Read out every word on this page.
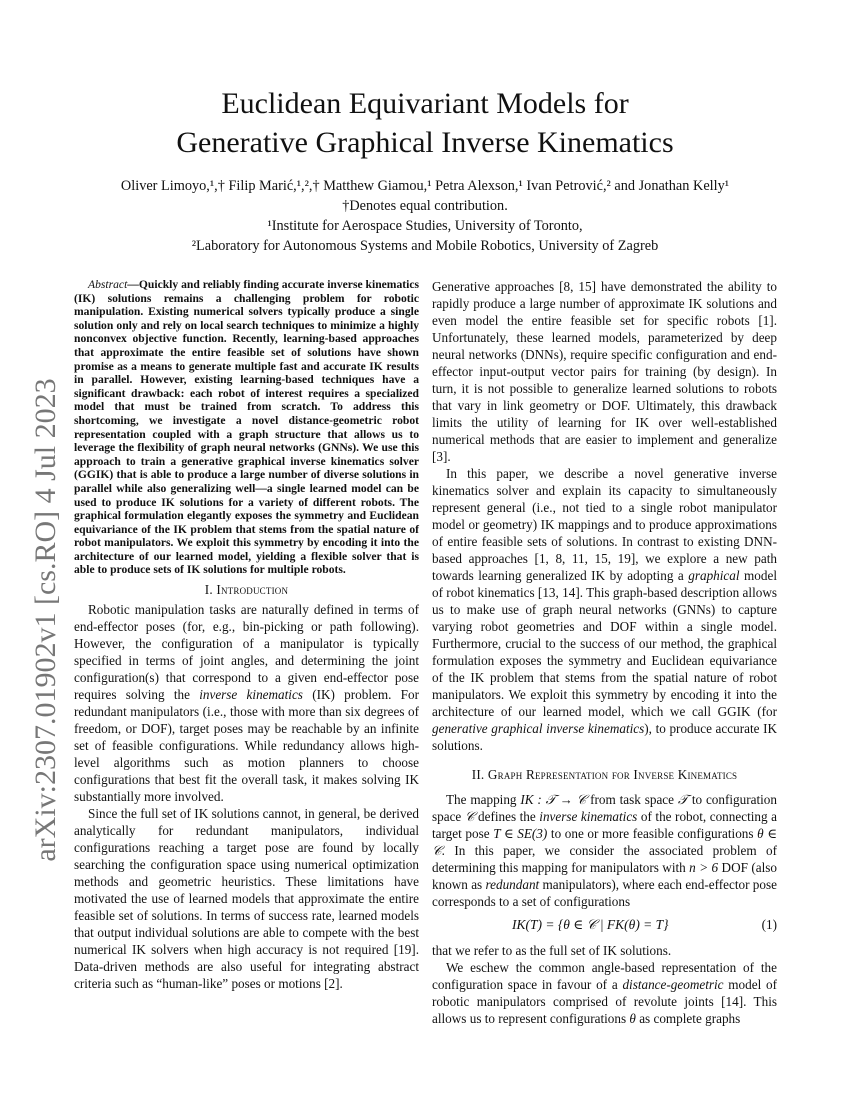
arXiv:2307.01902v1 [cs.RO] 4 Jul 2023
Euclidean Equivariant Models for
Generative Graphical Inverse Kinematics
Oliver Limoyo,¹,† Filip Marić,¹,²,† Matthew Giamou,¹ Petra Alexson,¹ Ivan Petrović,² and Jonathan Kelly¹
†Denotes equal contribution.
¹Institute for Aerospace Studies, University of Toronto,
²Laboratory for Autonomous Systems and Mobile Robotics, University of Zagreb

Abstract—Quickly and reliably finding accurate inverse kinematics (IK) solutions remains a challenging problem for robotic manipulation. Existing numerical solvers typically produce a single solution only and rely on local search techniques to minimize a highly nonconvex objective function. Recently, learning-based approaches that approximate the entire feasible set of solutions have shown promise as a means to generate multiple fast and accurate IK results in parallel. However, existing learning-based techniques have a significant drawback: each robot of interest requires a specialized model that must be trained from scratch. To address this shortcoming, we investigate a novel distance-geometric robot representation coupled with a graph structure that allows us to leverage the flexibility of graph neural networks (GNNs). We use this approach to train a generative graphical inverse kinematics solver (GGIK) that is able to produce a large number of diverse solutions in parallel while also generalizing well—a single learned model can be used to produce IK solutions for a variety of different robots. The graphical formulation elegantly exposes the symmetry and Euclidean equivariance of the IK problem that stems from the spatial nature of robot manipulators. We exploit this symmetry by encoding it into the architecture of our learned model, yielding a flexible solver that is able to produce sets of IK solutions for multiple robots.

I. Introduction

Robotic manipulation tasks are naturally defined in terms of end-effector poses (for, e.g., bin-picking or path following). However, the configuration of a manipulator is typically specified in terms of joint angles, and determining the joint configuration(s) that correspond to a given end-effector pose requires solving the inverse kinematics (IK) problem. For redundant manipulators (i.e., those with more than six degrees of freedom, or DOF), target poses may be reachable by an infinite set of feasible configurations. While redundancy allows high-level algorithms such as motion planners to choose configurations that best fit the overall task, it makes solving IK substantially more involved.

Since the full set of IK solutions cannot, in general, be derived analytically for redundant manipulators, individual configurations reaching a target pose are found by locally searching the configuration space using numerical optimization methods and geometric heuristics. These limitations have motivated the use of learned models that approximate the entire feasible set of solutions. In terms of success rate, learned models that output individual solutions are able to compete with the best numerical IK solvers when high accuracy is not required [19]. Data-driven methods are also useful for integrating abstract criteria such as “human-like” poses or motions [2].

Generative approaches [8, 15] have demonstrated the ability to rapidly produce a large number of approximate IK solutions and even model the entire feasible set for specific robots [1]. Unfortunately, these learned models, parameterized by deep neural networks (DNNs), require specific configuration and end-effector input-output vector pairs for training (by design). In turn, it is not possible to generalize learned solutions to robots that vary in link geometry or DOF. Ultimately, this drawback limits the utility of learning for IK over well-established numerical methods that are easier to implement and generalize [3].

In this paper, we describe a novel generative inverse kinematics solver and explain its capacity to simultaneously represent general (i.e., not tied to a single robot manipulator model or geometry) IK mappings and to produce approximations of entire feasible sets of solutions. In contrast to existing DNN-based approaches [1, 8, 11, 15, 19], we explore a new path towards learning generalized IK by adopting a graphical model of robot kinematics [13, 14]. This graph-based description allows us to make use of graph neural networks (GNNs) to capture varying robot geometries and DOF within a single model. Furthermore, crucial to the success of our method, the graphical formulation exposes the symmetry and Euclidean equivariance of the IK problem that stems from the spatial nature of robot manipulators. We exploit this symmetry by encoding it into the architecture of our learned model, which we call GGIK (for generative graphical inverse kinematics), to produce accurate IK solutions.

II. Graph Representation for Inverse Kinematics

The mapping IK : 𝒯 → 𝒞 from task space 𝒯 to configuration space 𝒞 defines the inverse kinematics of the robot, connecting a target pose T ∈ SE(3) to one or more feasible configurations θ ∈ 𝒞. In this paper, we consider the associated problem of determining this mapping for manipulators with n > 6 DOF (also known as redundant manipulators), where each end-effector pose corresponds to a set of configurations

IK(T) = {θ ∈ 𝒞 | FK(θ) = T}	(1)

that we refer to as the full set of IK solutions.

We eschew the common angle-based representation of the configuration space in favour of a distance-geometric model of robotic manipulators comprised of revolute joints [14]. This allows us to represent configurations θ as complete graphs
